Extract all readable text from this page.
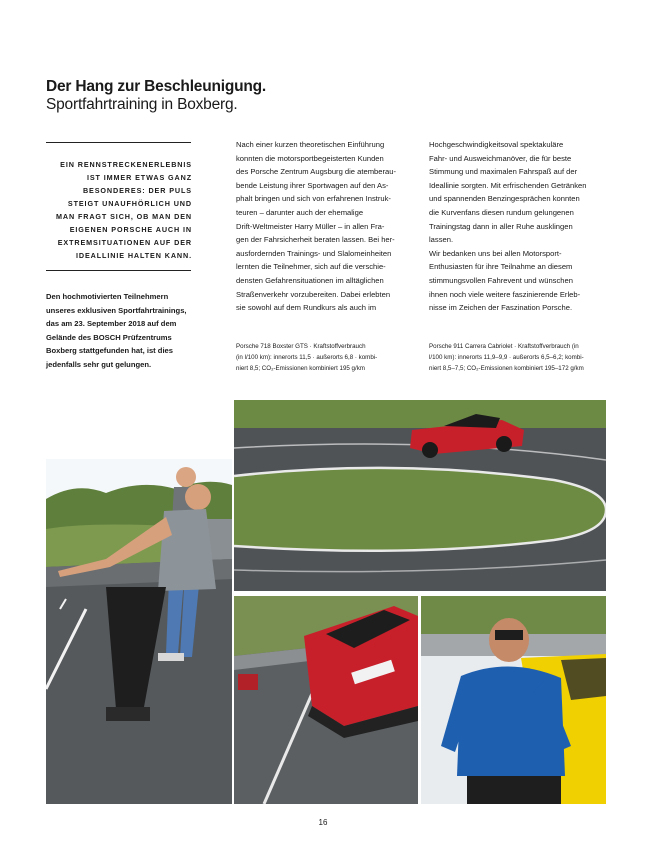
Der Hang zur Beschleunigung.
Sportfahrtraining in Boxberg.
EIN RENNSTRECKENERLEBNIS
IST IMMER ETWAS GANZ
BESONDERES: DER PULS
STEIGT UNAUFHÖRLICH UND
MAN FRAGT SICH, OB MAN DEN
EIGENEN PORSCHE AUCH IN
EXTREMSITUATIONEN AUF DER
IDEALLINIE HALTEN KANN.
Den hochmotivierten Teilnehmern
unseres exklusiven Sportfahrtrainings,
das am 23. September 2018 auf dem
Gelände des BOSCH Prüfzentrums
Boxberg stattgefunden hat, ist dies
jedenfalls sehr gut gelungen.
Nach einer kurzen theoretischen Einführung
konnten die motorsportbegeisterten Kunden
des Porsche Zentrum Augsburg die atemberau-
bende Leistung ihrer Sportwagen auf den As-
phalt bringen und sich von erfahrenen Instruk-
teuren – darunter auch der ehemalige
Drift-Weltmeister Harry Müller – in allen Fra-
gen der Fahrsicherheit beraten lassen. Bei her-
ausfordernden Trainings- und Slalomeinheiten
lernten die Teilnehmer, sich auf die verschie-
densten Gefahrensituationen im alltäglichen
Straßenverkehr vorzubereiten. Dabei erlebten
sie sowohl auf dem Rundkurs als auch im
Hochgeschwindigkeitsoval spektakuläre
Fahr- und Ausweichmanöver, die für beste
Stimmung und maximalen Fahrspaß auf der
Ideallinie sorgten. Mit erfrischenden Getränken
und spannenden Benzingesprächen konnten
die Kurvenfans diesen rundum gelungenen
Trainingstag dann in aller Ruhe ausklingen
lassen.
Wir bedanken uns bei allen Motorsport-
Enthusiasten für ihre Teilnahme an diesem
stimmungsvollen Fahrevent und wünschen
ihnen noch viele weitere faszinierende Erleb-
nisse im Zeichen der Faszination Porsche.
Porsche 718 Boxster GTS · Kraftstoffverbrauch
(in l/100 km): innerorts 11,5 · außerorts 6,8 · kombi-
niert 8,5; CO₂-Emissionen kombiniert 195 g/km
Porsche 911 Carrera Cabriolet · Kraftstoffverbrauch (in
l/100 km): innerorts 11,9–9,9 · außerorts 6,5–6,2; kombi-
niert 8,5–7,5; CO₂-Emissionen kombiniert 195–172 g/km
16
